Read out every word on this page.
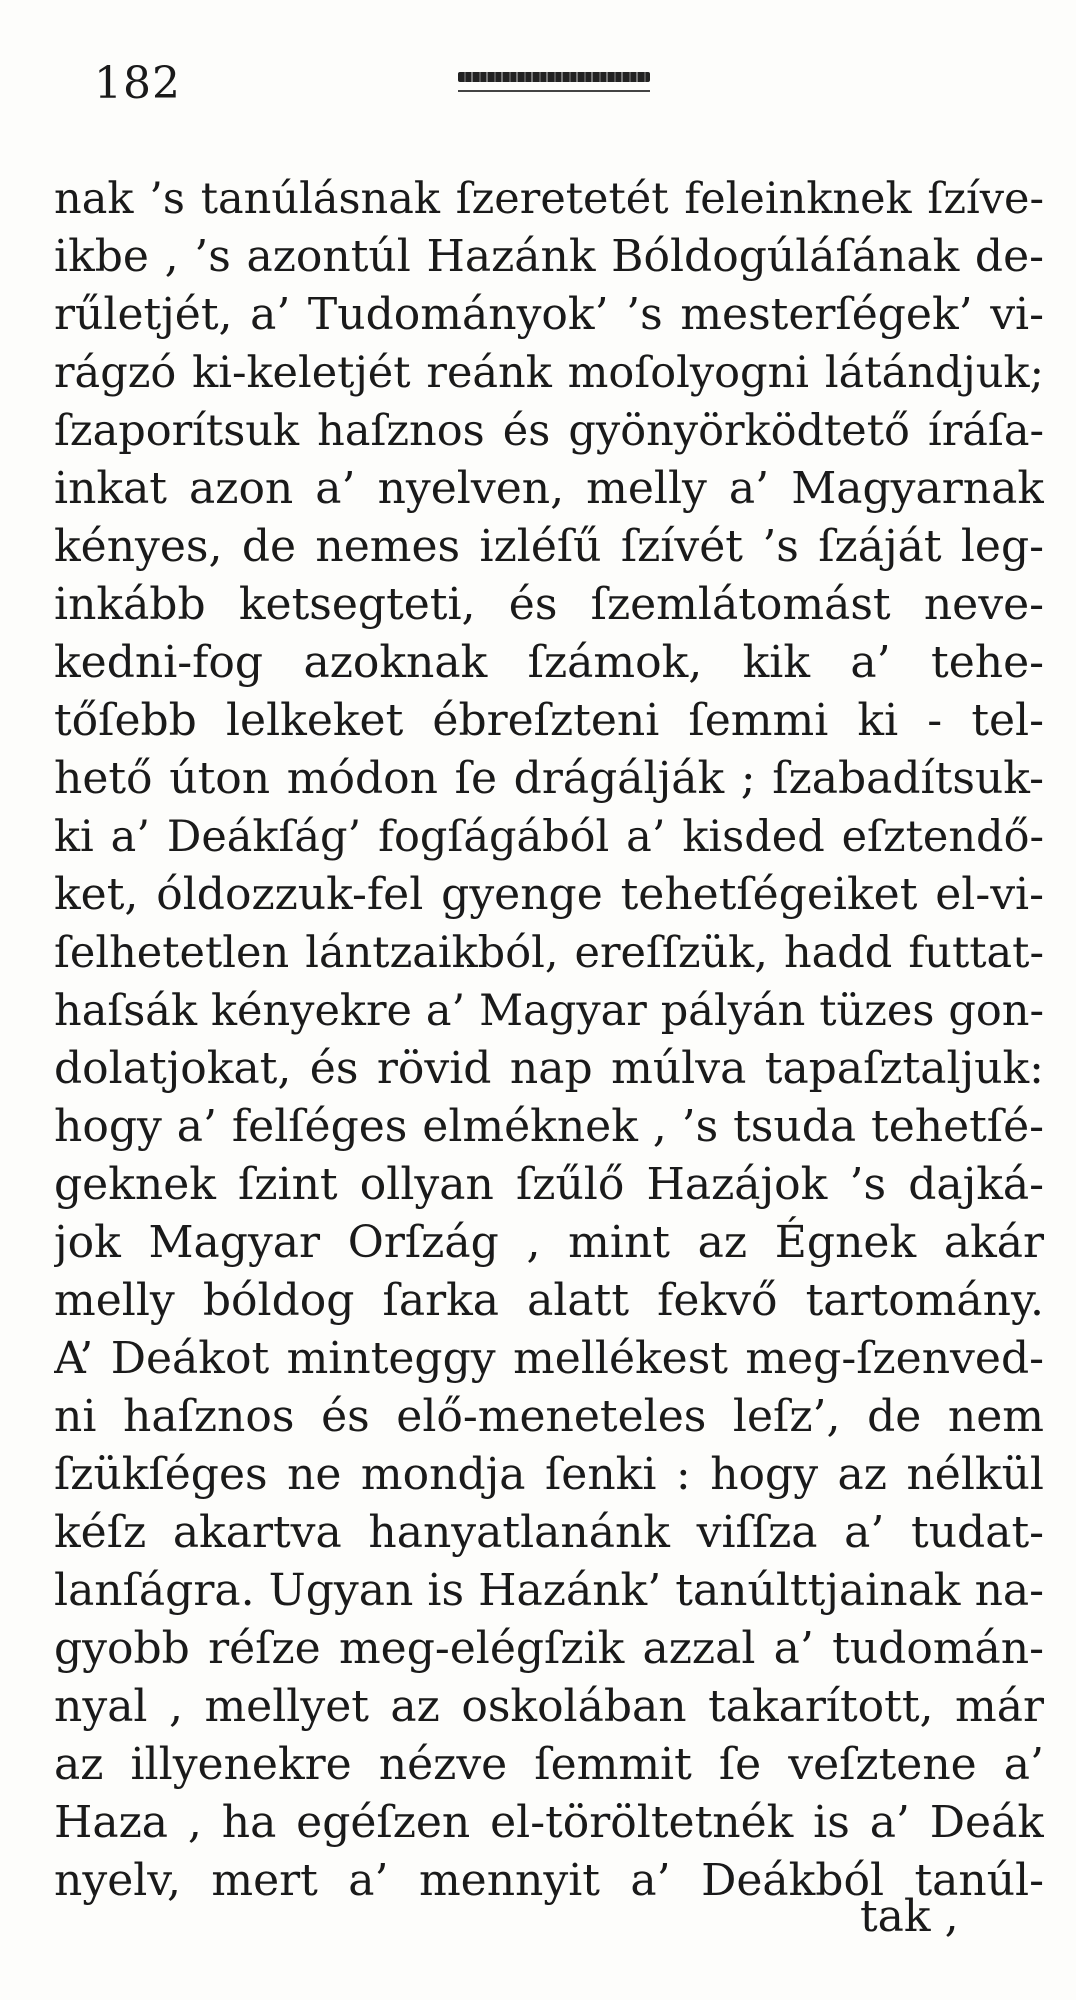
182
nak ’s tanúlásnak ſzeretetét feleinknek ſzíve-
ikbe , ’s azontúl Hazánk Bóldogúláſának de-
rűletjét, a’ Tudományok’ ’s mesterſégek’ vi-
rágzó ki-keletjét reánk moſolyogni látándjuk;
ſzaporítsuk haſznos és gyönyörködtető íráſa-
inkat azon a’ nyelven, melly a’ Magyarnak
kényes, de nemes izléſű ſzívét ’s ſzáját leg-
inkább ketsegteti, és ſzemlátomást neve-
kedni-fog azoknak ſzámok, kik a’ tehe-
tőſebb lelkeket ébreſzteni ſemmi ki - tel-
hető úton módon ſe drágálják ; ſzabadítsuk-
ki a’ Deákſág’ fogſágából a’ kisded eſztendő-
ket, óldozzuk-fel gyenge tehetſégeiket el-vi-
ſelhetetlen lántzaikból, ereſſzük, hadd futtat-
haſsák kényekre a’ Magyar pályán tüzes gon-
dolatjokat, és rövid nap múlva tapaſztaljuk:
hogy a’ felſéges elméknek , ’s tsuda tehetſé-
geknek ſzint ollyan ſzűlő Hazájok ’s dajká-
jok Magyar Orſzág , mint az Égnek akár
melly bóldog ſarka alatt fekvő tartomány.
A’ Deákot minteggy mellékest meg-ſzenved-
ni haſznos és elő-meneteles leſz’, de nem
ſzükſéges ne mondja ſenki : hogy az nélkül
kéſz akartva hanyatlanánk viſſza a’ tudat-
lanſágra. Ugyan is Hazánk’ tanúlttjainak na-
gyobb réſze meg-elégſzik azzal a’ tudomán-
nyal , mellyet az oskolában takarított, már
az illyenekre nézve ſemmit ſe veſztene a’
Haza , ha egéſzen el-töröltetnék is a’ Deák
nyelv, mert a’ mennyit a’ Deákból tanúl-
tak ,
